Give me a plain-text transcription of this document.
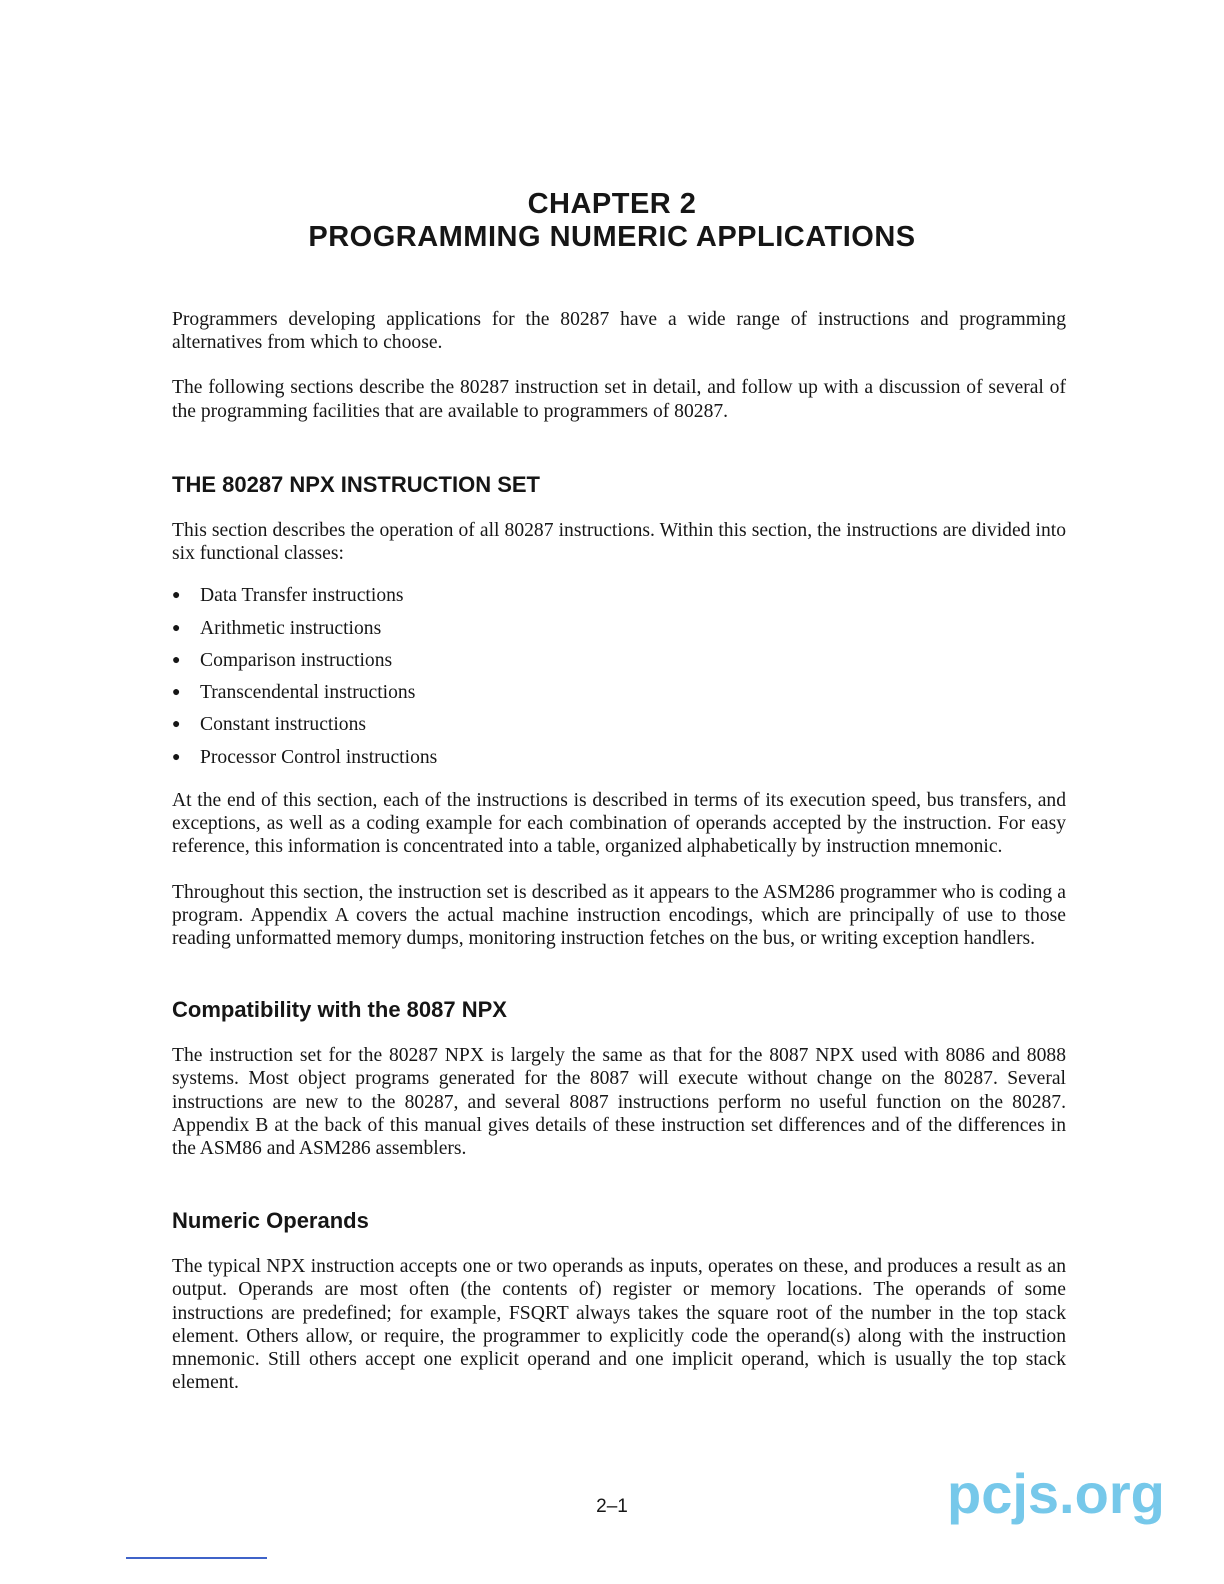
CHAPTER 2
PROGRAMMING NUMERIC APPLICATIONS

Programmers developing applications for the 80287 have a wide range of instructions and programming alternatives from which to choose.

The following sections describe the 80287 instruction set in detail, and follow up with a discussion of several of the programming facilities that are available to programmers of 80287.

THE 80287 NPX INSTRUCTION SET

This section describes the operation of all 80287 instructions. Within this section, the instructions are divided into six functional classes:

● Data Transfer instructions
● Arithmetic instructions
● Comparison instructions
● Transcendental instructions
● Constant instructions
● Processor Control instructions

At the end of this section, each of the instructions is described in terms of its execution speed, bus transfers, and exceptions, as well as a coding example for each combination of operands accepted by the instruction. For easy reference, this information is concentrated into a table, organized alphabetically by instruction mnemonic.

Throughout this section, the instruction set is described as it appears to the ASM286 programmer who is coding a program. Appendix A covers the actual machine instruction encodings, which are principally of use to those reading unformatted memory dumps, monitoring instruction fetches on the bus, or writing exception handlers.

Compatibility with the 8087 NPX

The instruction set for the 80287 NPX is largely the same as that for the 8087 NPX used with 8086 and 8088 systems. Most object programs generated for the 8087 will execute without change on the 80287. Several instructions are new to the 80287, and several 8087 instructions perform no useful function on the 80287. Appendix B at the back of this manual gives details of these instruction set differences and of the differences in the ASM86 and ASM286 assemblers.

Numeric Operands

The typical NPX instruction accepts one or two operands as inputs, operates on these, and produces a result as an output. Operands are most often (the contents of) register or memory locations. The operands of some instructions are predefined; for example, FSQRT always takes the square root of the number in the top stack element. Others allow, or require, the programmer to explicitly code the operand(s) along with the instruction mnemonic. Still others accept one explicit operand and one implicit operand, which is usually the top stack element.

2–1	pcjs.org
